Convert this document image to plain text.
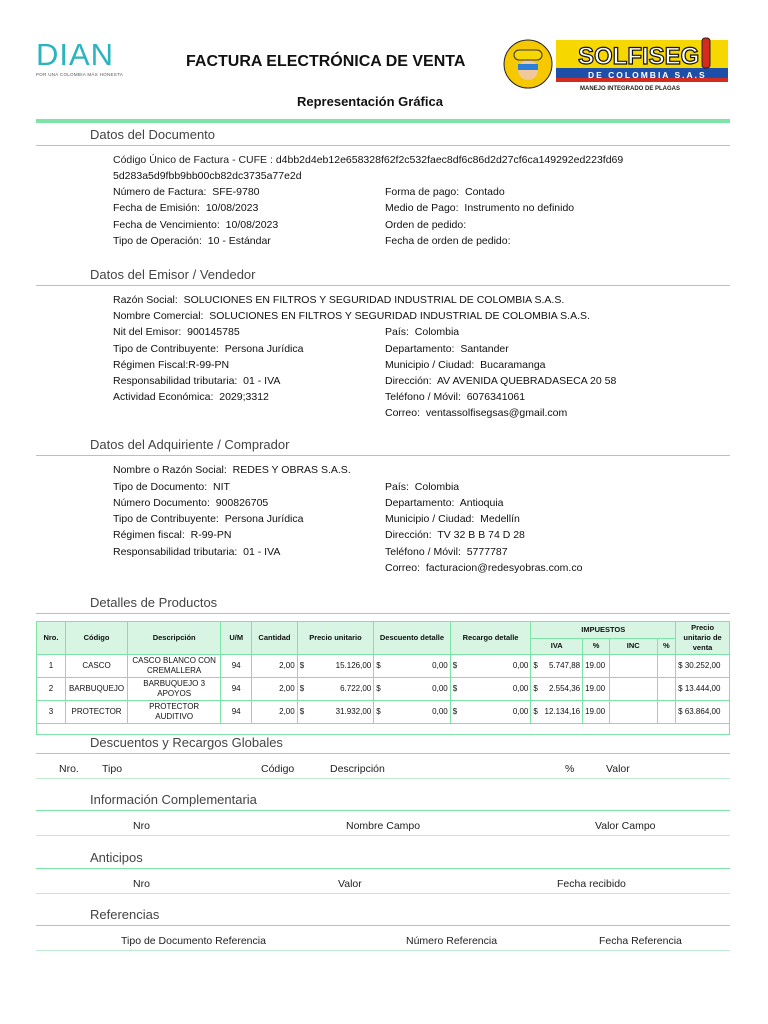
DIAN
POR UNA COLOMBIA MÁS HONESTA
FACTURA ELECTRÓNICA DE VENTA
Representación Gráfica
SOLFISEG
DE COLOMBIA S.A.S
MANEJO INTEGRADO DE PLAGAS
Datos del Documento
Código Único de Factura - CUFE : d4bb2d4eb12e658328f62f2c532faec8df6c86d2d27cf6ca149292ed223fd69
5d283a5d9fbb9bb00cb82dc3735a77e2d
Número de Factura: SFE-9780
Fecha de Emisión: 10/08/2023
Fecha de Vencimiento: 10/08/2023
Tipo de Operación: 10 - Estándar
Forma de pago: Contado
Medio de Pago: Instrumento no definido
Orden de pedido:
Fecha de orden de pedido:
Datos del Emisor / Vendedor
Razón Social: SOLUCIONES EN FILTROS Y SEGURIDAD INDUSTRIAL DE COLOMBIA S.A.S.
Nombre Comercial: SOLUCIONES EN FILTROS Y SEGURIDAD INDUSTRIAL DE COLOMBIA S.A.S.
Nit del Emisor: 900145785
Tipo de Contribuyente: Persona Jurídica
Régimen Fiscal:R-99-PN
Responsabilidad tributaria: 01 - IVA
Actividad Económica: 2029;3312
País: Colombia
Departamento: Santander
Municipio / Ciudad: Bucaramanga
Dirección: AV AVENIDA QUEBRADASECA 20 58
Teléfono / Móvil: 6076341061
Correo: ventassolfisegsas@gmail.com
Datos del Adquiriente / Comprador
Nombre o Razón Social: REDES Y OBRAS S.A.S.
Tipo de Documento: NIT
Número Documento: 900826705
Tipo de Contribuyente: Persona Jurídica
Régimen fiscal: R-99-PN
Responsabilidad tributaria: 01 - IVA
País: Colombia
Departamento: Antioquia
Municipio / Ciudad: Medellín
Dirección: TV 32 B B 74 D 28
Teléfono / Móvil: 5777787
Correo: facturacion@redesyobras.com.co
Detalles de Productos
Nro.	Código	Descripción	U/M	Cantidad	Precio unitario	Descuento detalle	Recargo detalle	IMPUESTOS				Precio unitario de venta
								IVA	%	INC	%	
1	CASCO	CASCO BLANCO CON CREMALLERA	94	2,00	$ 15.126,00	$ 0,00	$ 0,00	$ 5.747,88	19.00			$ 30.252,00
2	BARBUQUEJO	BARBUQUEJO 3 APOYOS	94	2,00	$ 6.722,00	$ 0,00	$ 0,00	$ 2.554,36	19.00			$ 13.444,00
3	PROTECTOR	PROTECTOR AUDITIVO	94	2,00	$ 31.932,00	$ 0,00	$ 0,00	$ 12.134,16	19.00			$ 63.864,00

Descuentos y Recargos Globales
Nro. Tipo	Código	Descripción	%	Valor
Información Complementaria
Nro	Nombre Campo	Valor Campo
Anticipos
Nro	Valor	Fecha recibido
Referencias
Tipo de Documento Referencia	Número Referencia	Fecha Referencia
